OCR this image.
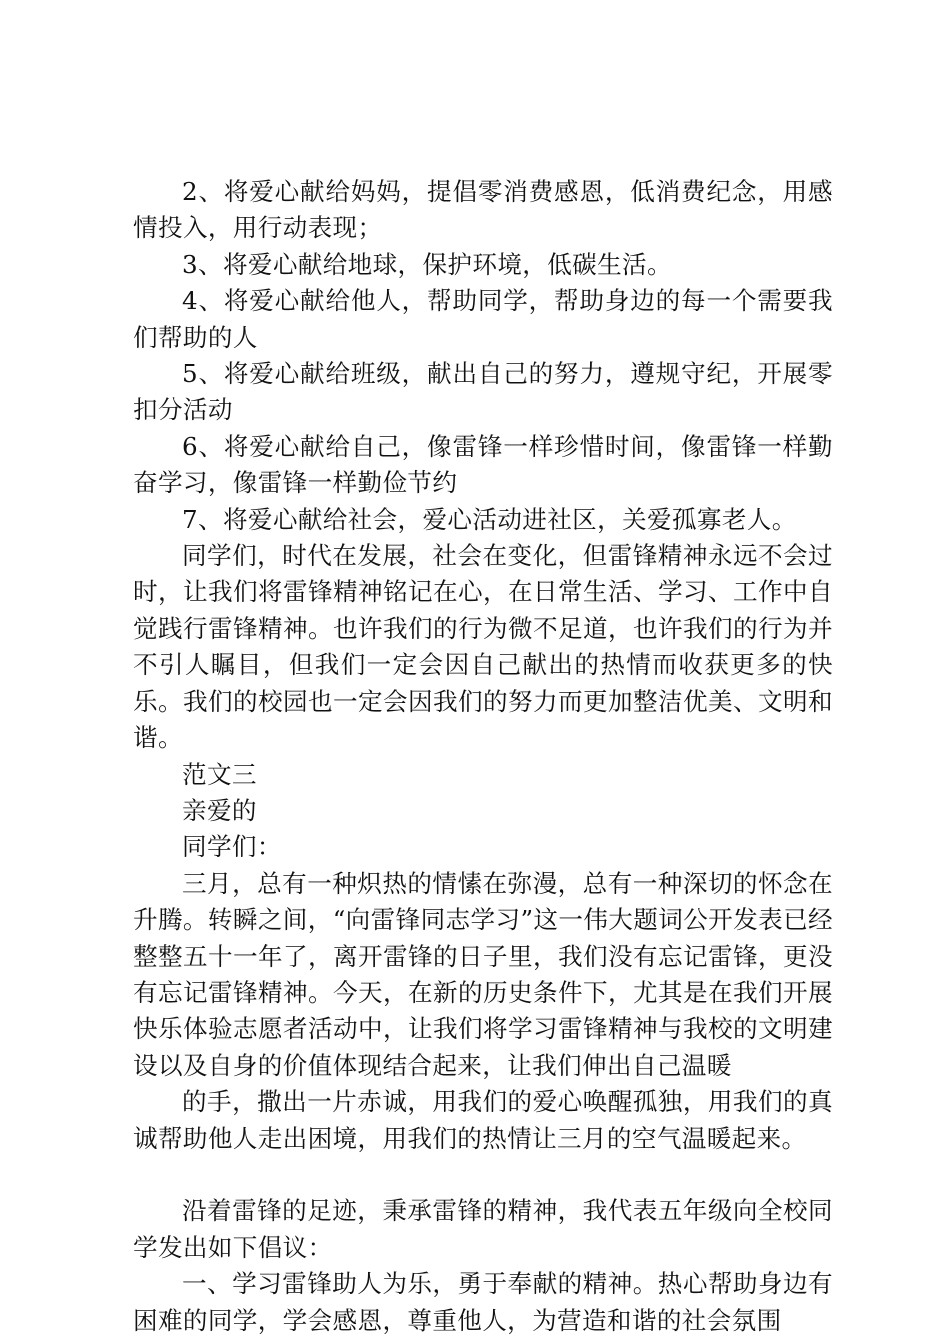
2、将爱心献给妈妈，提倡零消费感恩，低消费纪念，用感情投入，用行动表现；

3、将爱心献给地球，保护环境，低碳生活。

4、将爱心献给他人，帮助同学，帮助身边的每一个需要我们帮助的人

5、将爱心献给班级，献出自己的努力，遵规守纪，开展零扣分活动

6、将爱心献给自己，像雷锋一样珍惜时间，像雷锋一样勤奋学习，像雷锋一样勤俭节约

7、将爱心献给社会，爱心活动进社区，关爱孤寡老人。

同学们，时代在发展，社会在变化，但雷锋精神永远不会过时，让我们将雷锋精神铭记在心，在日常生活、学习、工作中自觉践行雷锋精神。也许我们的行为微不足道，也许我们的行为并不引人瞩目，但我们一定会因自己献出的热情而收获更多的快乐。我们的校园也一定会因我们的努力而更加整洁优美、文明和谐。

范文三

亲爱的

同学们：

三月，总有一种炽热的情愫在弥漫，总有一种深切的怀念在升腾。转瞬之间，“向雷锋同志学习”这一伟大题词公开发表已经整整五十一年了，离开雷锋的日子里，我们没有忘记雷锋，更没有忘记雷锋精神。今天，在新的历史条件下，尤其是在我们开展快乐体验志愿者活动中，让我们将学习雷锋精神与我校的文明建设以及自身的价值体现结合起来，让我们伸出自己温暖

的手，撒出一片赤诚，用我们的爱心唤醒孤独，用我们的真诚帮助他人走出困境，用我们的热情让三月的空气温暖起来。

沿着雷锋的足迹，秉承雷锋的精神，我代表五年级向全校同学发出如下倡议：

一、学习雷锋助人为乐，勇于奉献的精神。热心帮助身边有困难的同学，学会感恩，尊重他人，为营造和谐的社会氛围
